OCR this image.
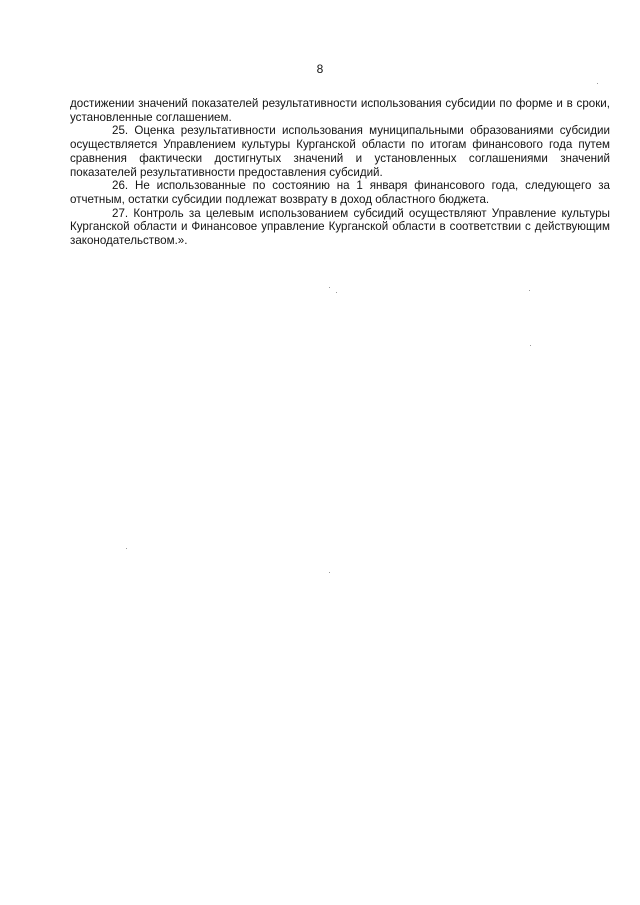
8

достижении значений показателей результативности использования субсидии по форме и в сроки, установленные соглашением.

25. Оценка результативности использования муниципальными образованиями субсидии осуществляется Управлением культуры Курганской области по итогам финансового года путем сравнения фактически достигнутых значений и установленных соглашениями значений показателей результативности предоставления субсидий.

26. Не использованные по состоянию на 1 января финансового года, следующего за отчетным, остатки субсидии подлежат возврату в доход областного бюджета.

27. Контроль за целевым использованием субсидий осуществляют Управление культуры Курганской области и Финансовое управление Курганской области в соответствии с действующим законодательством.».
